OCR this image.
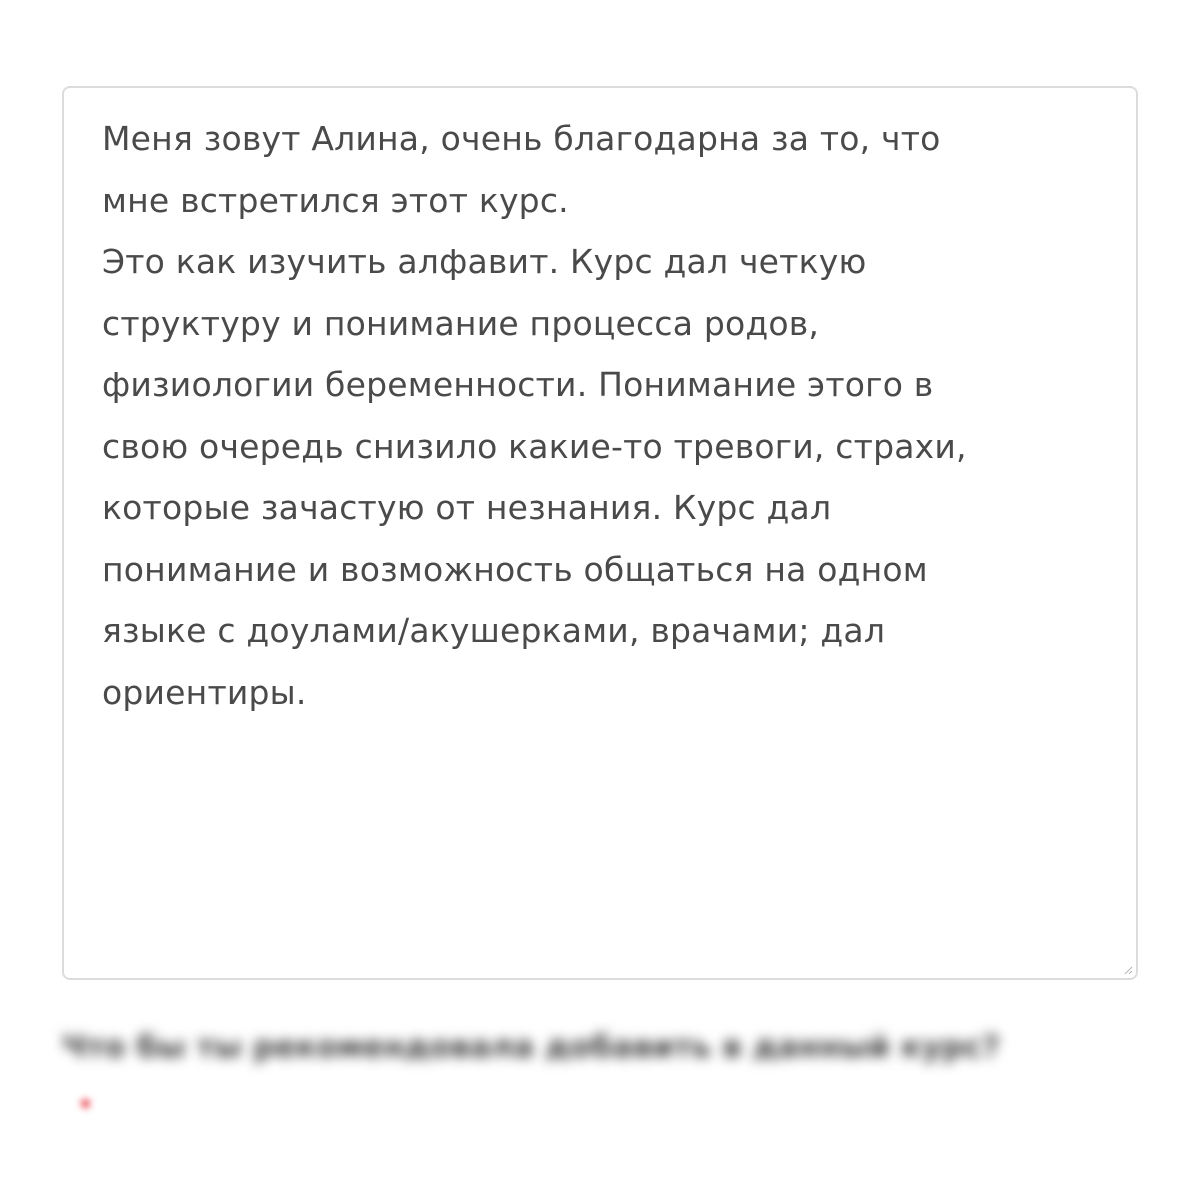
Меня зовут Алина, очень благодарна за то, что
мне встретился этот курс.
Это как изучить алфавит. Курс дал четкую
структуру и понимание процесса родов,
физиологии беременности. Понимание этого в
свою очередь снизило какие-то тревоги, страхи,
которые зачастую от незнания. Курс дал
понимание и возможность общаться на одном
языке с доулами/акушерками, врачами; дал
ориентиры.

Что бы ты рекомендовала добавить в данный курс?

*
